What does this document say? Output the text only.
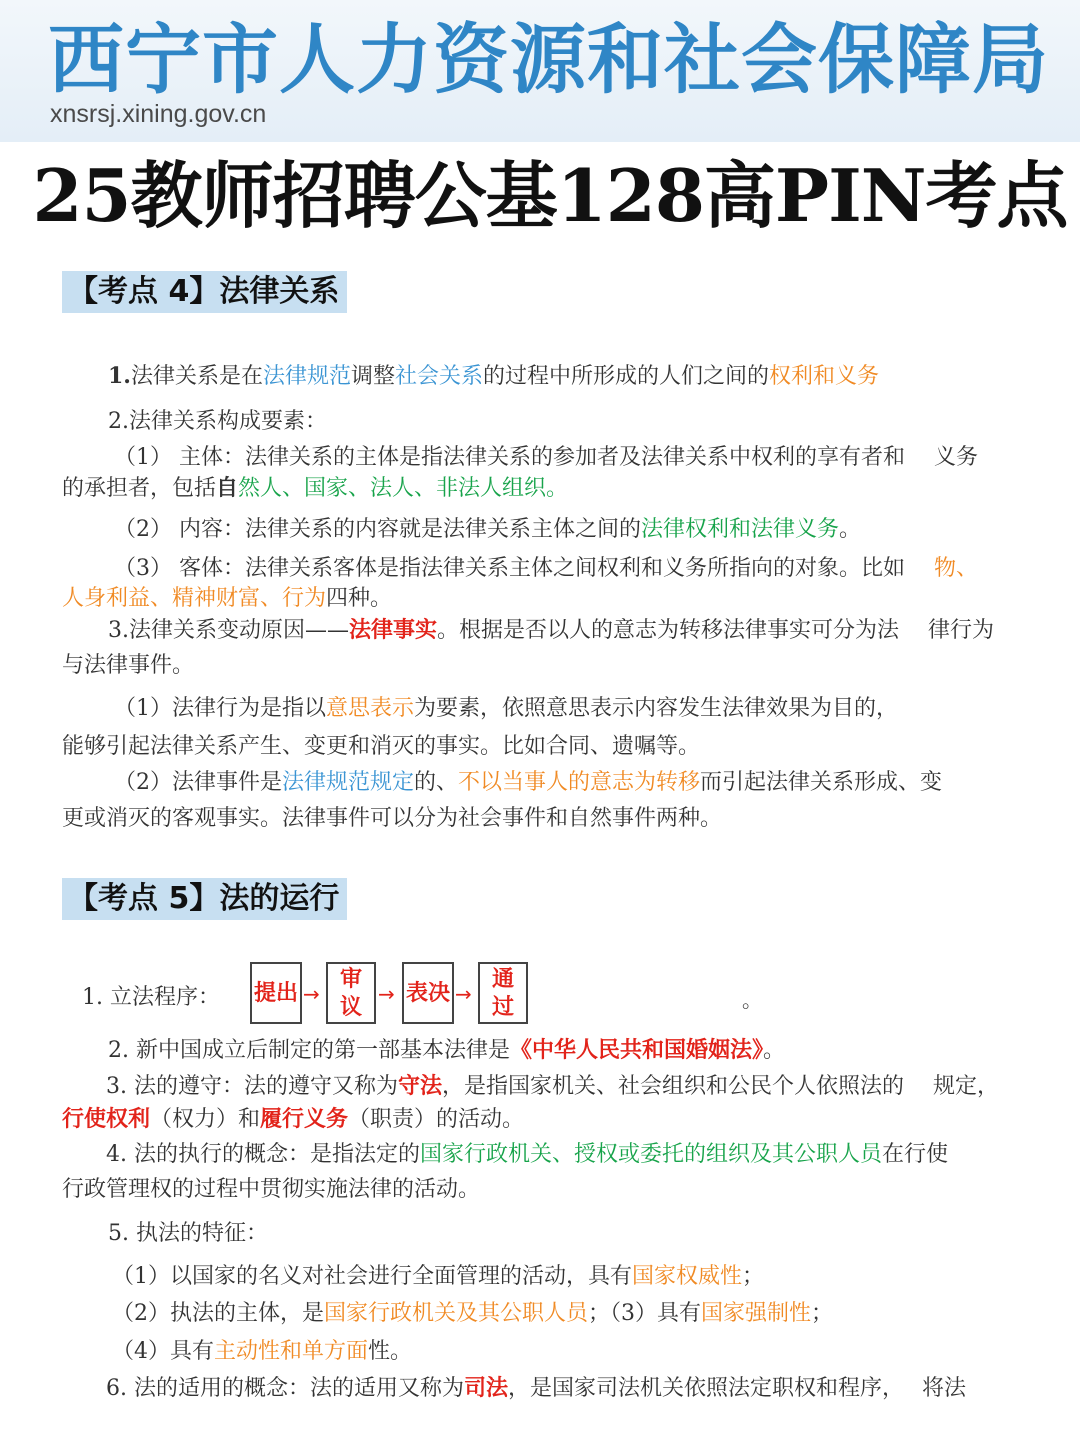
西宁市人力资源和社会保障局
xnsrsj.xining.gov.cn
25教师招聘公基128高PIN考点
【考点 4】法律关系
1.法律关系是在法律规范调整社会关系的过程中所形成的人们之间的权利和义务
2.法律关系构成要素：
（1） 主体：法律关系的主体是指法律关系的参加者及法律关系中权利的享有者和　 义务
的承担者，包括自然人、国家、法人、非法人组织。
（2） 内容：法律关系的内容就是法律关系主体之间的法律权利和法律义务。
（3） 客体：法律关系客体是指法律关系主体之间权利和义务所指向的对象。比如　 物、
人身利益、精神财富、行为四种。
3.法律关系变动原因——法律事实。根据是否以人的意志为转移法律事实可分为法　 律行为
与法律事件。
（1）法律行为是指以意思表示为要素，依照意思表示内容发生法律效果为目的，
能够引起法律关系产生、变更和消灭的事实。比如合同、遗嘱等。
（2）法律事件是法律规范规定的、不以当事人的意志为转移而引起法律关系形成、变
更或消灭的客观事实。法律事件可以分为社会事件和自然事件两种。
【考点 5】法的运行
1. 立法程序： 提出 →
审议 → 表决 →
通过	。
2. 新中国成立后制定的第一部基本法律是《中华人民共和国婚姻法》。
3. 法的遵守：法的遵守又称为守法，是指国家机关、社会组织和公民个人依照法的　 规定，
行使权利（权力）和履行义务（职责）的活动。
4. 法的执行的概念：是指法定的国家行政机关、授权或委托的组织及其公职人员在行使
行政管理权的过程中贯彻实施法律的活动。
5. 执法的特征：
（1）以国家的名义对社会进行全面管理的活动，具有国家权威性；
（2）执法的主体，是国家行政机关及其公职人员；（3）具有国家强制性；
（4）具有主动性和单方面性。
6. 法的适用的概念：法的适用又称为司法，是国家司法机关依照法定职权和程序，　 将法
